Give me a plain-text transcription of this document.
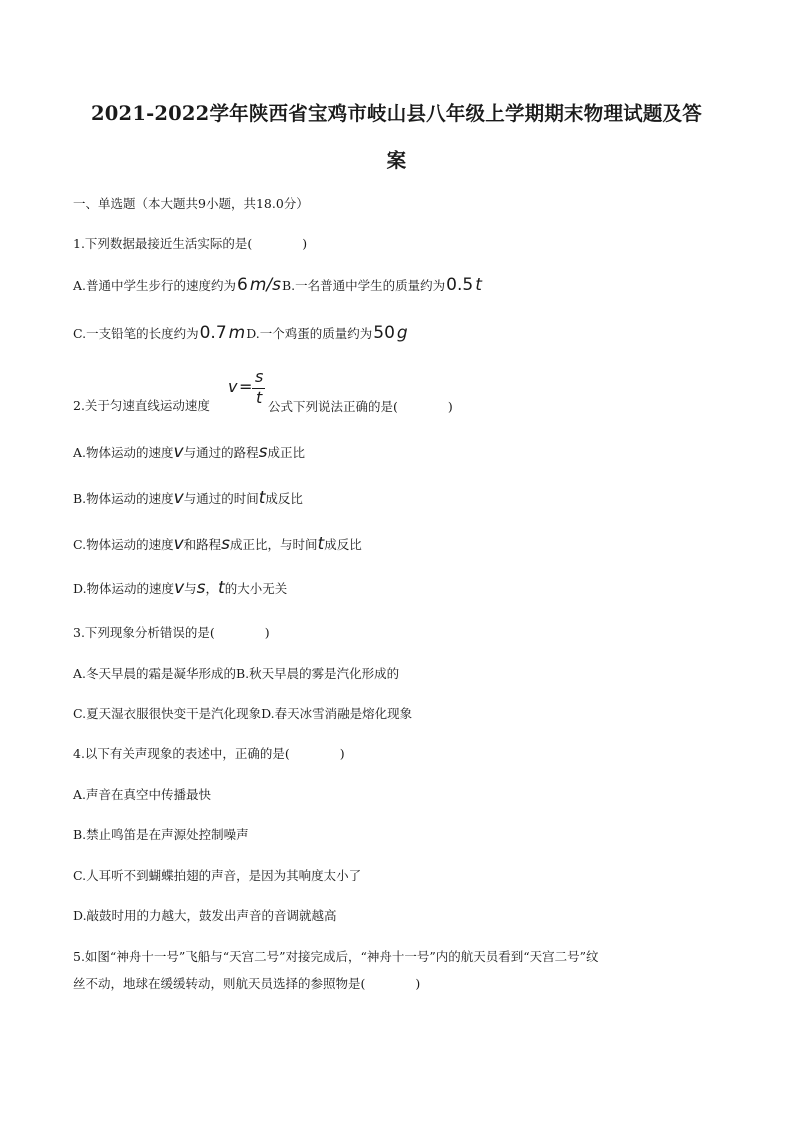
2021-2022学年陕西省宝鸡市岐山县八年级上学期期末物理试题及答
案
一、单选题（本大题共9小题，共18.0分）
1.下列数据最接近生活实际的是(　　　　)
A.普通中学生步行的速度约为6 m/sB.一名普通中学生的质量约为0.5 t
C.一支铅笔的长度约为0.7 mD.一个鸡蛋的质量约为50 g
2.关于匀速直线运动速度
v =
s
t 公式下列说法正确的是(　　　　)
A.物体运动的速度v与通过的路程s成正比
B.物体运动的速度v与通过的时间t成反比
C.物体运动的速度v和路程s成正比，与时间t成反比
D.物体运动的速度v与s，t的大小无关
3.下列现象分析错误的是(　　　　)
A.冬天早晨的霜是凝华形成的B.秋天早晨的雾是汽化形成的
C.夏天湿衣服很快变干是汽化现象D.春天冰雪消融是熔化现象
4.以下有关声现象的表述中，正确的是(　　　　)
A.声音在真空中传播最快
B.禁止鸣笛是在声源处控制噪声
C.人耳听不到蝴蝶拍翅的声音，是因为其响度太小了
D.敲鼓时用的力越大，鼓发出声音的音调就越高
5.如图“神舟十一号”飞船与“天宫二号”对接完成后，“神舟十一号”内的航天员看到“天宫二号”纹
丝不动，地球在缓缓转动，则航天员选择的参照物是(　　　　)
